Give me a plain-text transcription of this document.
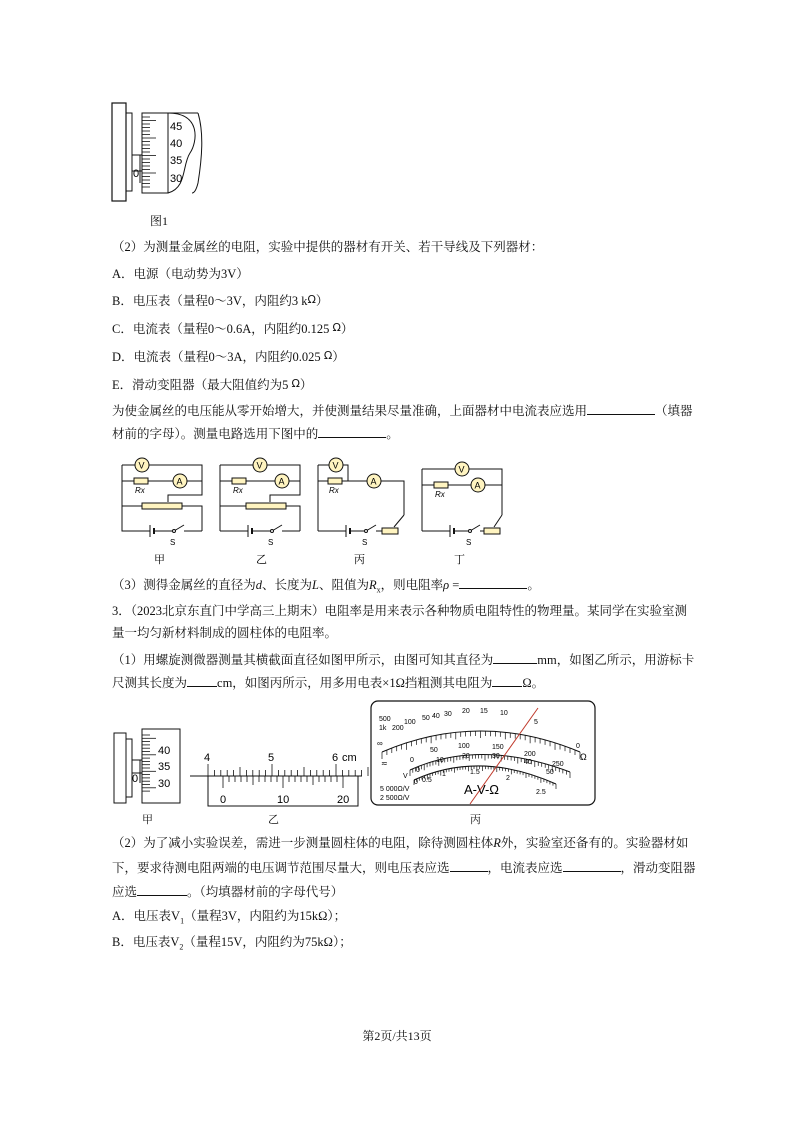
45
40
35
30
0
图1
（2）为测量金属丝的电阻，实验中提供的器材有开关、若干导线及下列器材：
A．电源（电动势为3V）
B．电压表（量程0～3V，内阻约3 kΩ）
C．电流表（量程0～0.6A，内阻约0.125 Ω）
D．电流表（量程0～3A，内阻约0.025 Ω）
E．滑动变阻器（最大阻值约为5 Ω）
为使金属丝的电压能从零开始增大，并使测量结果尽量准确，上面器材中电流表应选用	（填器
材前的字母）。测量电路选用下图中的	。
V
Rx
A
S
V
Rx
A
S
V
Rx
A
S
V
Rx
A
S
甲	乙	丙	丁
（3）测得金属丝的直径为d、长度为L、阻值为$R_x$，则电阻率ρ =	。
3．（2023北京东直门中学高三上期末）电阻率是用来表示各种物质电阻特性的物理量。某同学在实验室测
量一均匀新材料制成的圆柱体的电阻率。
（1）用螺旋测微器测量其横截面直径如图甲所示，由图可知其直径为	mm，如图乙所示，用游标卡
尺测其长度为 cm，如图丙所示，用多用电表×1Ω挡粗测其电阻为 Ω。
40
35
30
0
甲
4	5	6 cm
0	10	20
乙
500
1k 200
100
50 40 30 20 15 10
5
0
∞
Ω
0
50
100	150
200
250
0
10
20	30
40
50
0 0.5
1	1.5
2
2.5
≂
V
A-V-Ω
5 000Ω/V
2 500Ω/V
丙
（2）为了减小实验误差，需进一步测量圆柱体的电阻，除待测圆柱体R外，实验室还备有的。实验器材如
下，要求待测电阻两端的电压调节范围尽量大，则电压表应选	，电流表应选	，滑动变阻器
应选	。（均填器材前的字母代号）
A．电压表$V_1$（量程3V，内阻约为15kΩ）；
B．电压表$V_2$（量程15V，内阻约为75kΩ）；
第2页/共13页
